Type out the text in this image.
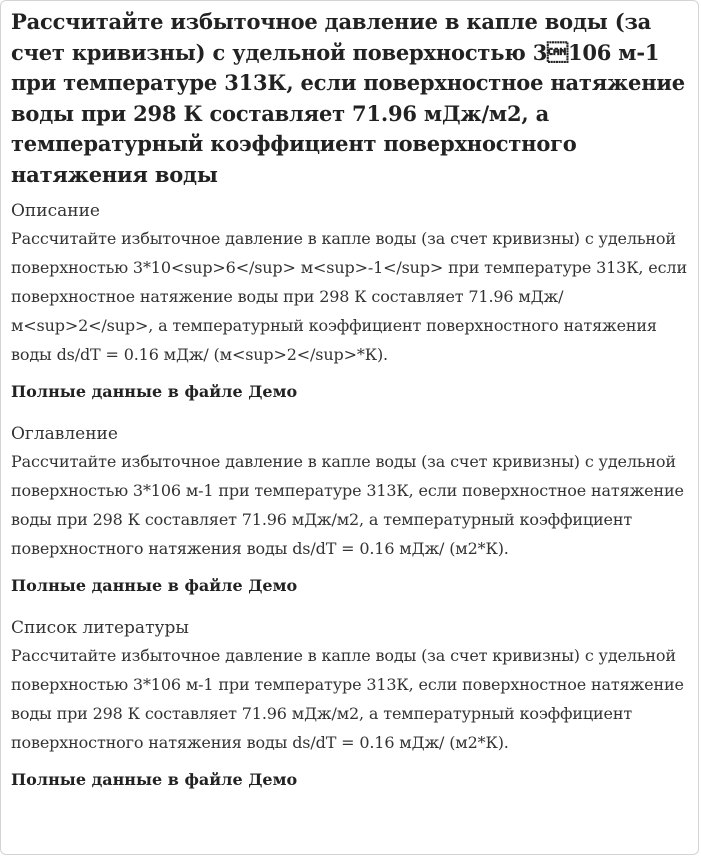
Рассчитайте избыточное давление в капле воды (за счет кривизны) с удельной поверхностью 3106 м-1 при температуре 313К, если поверхностное натяжение воды при 298 К составляет 71.96 мДж/м2, а температурный коэффициент поверхностного натяжения воды
Описание
Рассчитайте избыточное давление в капле воды (за счет кривизны) с удельной поверхностью 3*10<sup>6</sup> м<sup>-1</sup> при температуре 313К, если поверхностное натяжение воды при 298 К составляет 71.96 мДж/м<sup>2</sup>, а температурный коэффициент поверхностного натяжения воды ds/dT = 0.16 мДж/ (м<sup>2</sup>*К).
Полные данные в файле Демо
Оглавление
Рассчитайте избыточное давление в капле воды (за счет кривизны) с удельной поверхностью 3*106 м-1 при температуре 313К, если поверхностное натяжение воды при 298 К составляет 71.96 мДж/м2, а температурный коэффициент поверхностного натяжения воды ds/dT = 0.16 мДж/ (м2*К).
Полные данные в файле Демо
Список литературы
Рассчитайте избыточное давление в капле воды (за счет кривизны) с удельной поверхностью 3*106 м-1 при температуре 313К, если поверхностное натяжение воды при 298 К составляет 71.96 мДж/м2, а температурный коэффициент поверхностного натяжения воды ds/dT = 0.16 мДж/ (м2*К).
Полные данные в файле Демо
